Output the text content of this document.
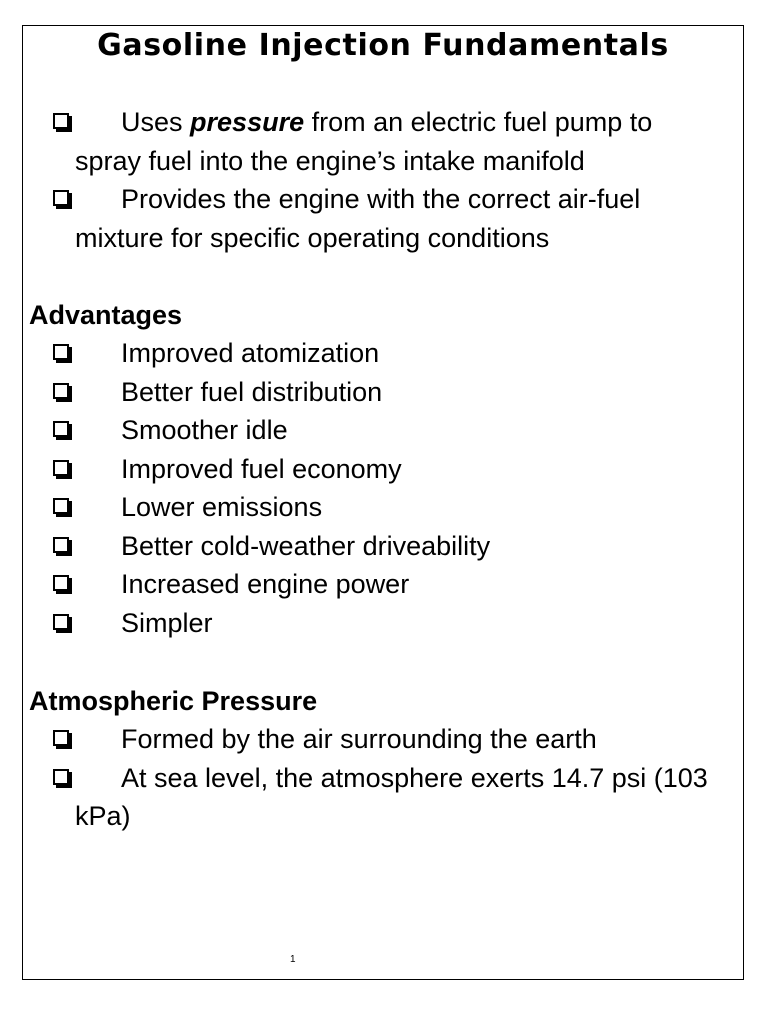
Gasoline Injection Fundamentals
Uses pressure from an electric fuel pump to spray fuel into the engine’s intake manifold
Provides the engine with the correct air-fuel mixture for specific operating conditions
Advantages
Improved atomization
Better fuel distribution
Smoother idle
Improved fuel economy
Lower emissions
Better cold-weather driveability
Increased engine power
Simpler
Atmospheric Pressure
Formed by the air surrounding the earth
At sea level, the atmosphere exerts 14.7 psi (103 kPa)
1
